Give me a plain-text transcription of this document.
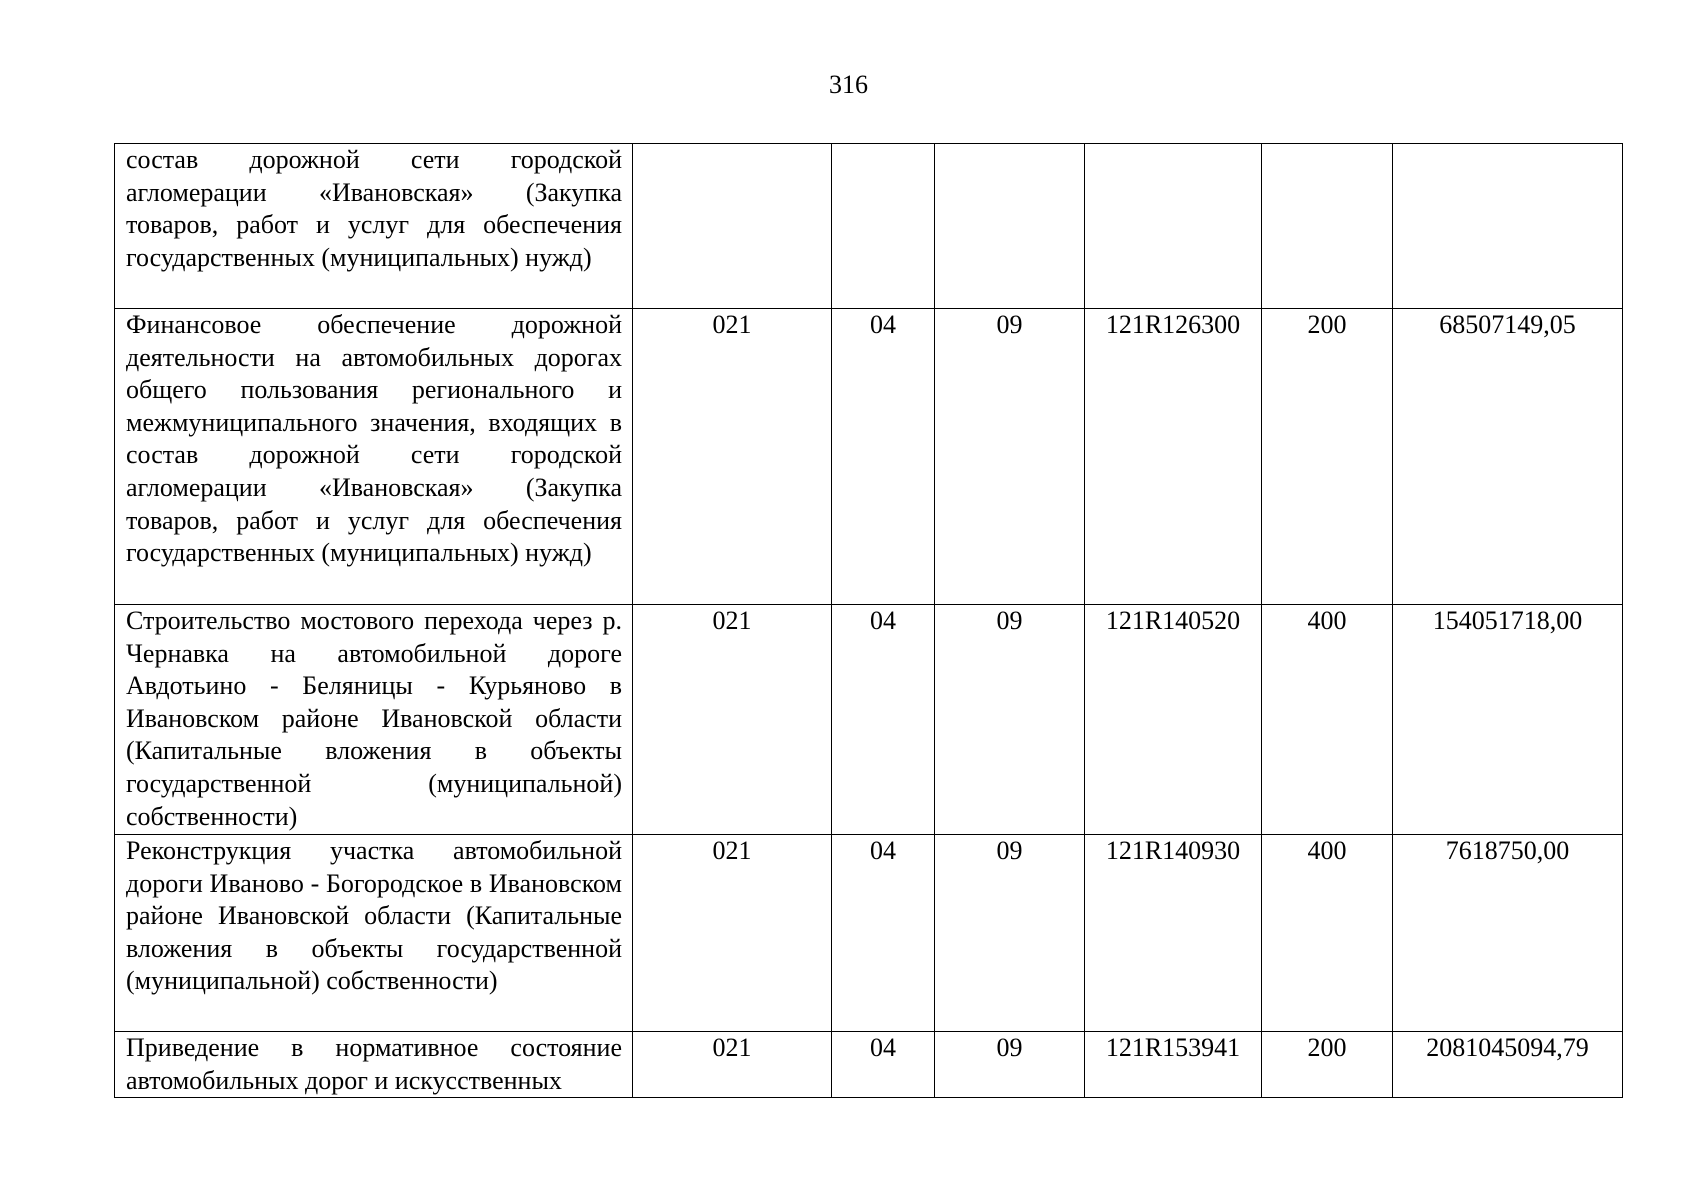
316
состав дорожной сети городской агломерации «Ивановская» (Закупка товаров, работ и услуг для обеспечения государственных (муниципальных) нужд)						
Финансовое обеспечение дорожной деятельности на автомобильных дорогах общего пользования регионального и межмуниципального значения, входящих в состав дорожной сети городской агломерации «Ивановская» (Закупка товаров, работ и услуг для обеспечения государственных (муниципальных) нужд)	021	04	09	121R126300	200	68507149,05
Строительство мостового перехода через р. Чернавка на автомобильной дороге Авдотьино - Беляницы - Курьяново в Ивановском районе Ивановской области (Капитальные вложения в объекты государственной (муниципальной) собственности)	021	04	09	121R140520	400	154051718,00
Реконструкция участка автомобильной дороги Иваново - Богородское в Ивановском районе Ивановской области (Капитальные вложения в объекты государственной (муниципальной) собственности)	021	04	09	121R140930	400	7618750,00
Приведение в нормативное состояние автомобильных дорог и искусственных	021	04	09	121R153941	200	2081045094,79
